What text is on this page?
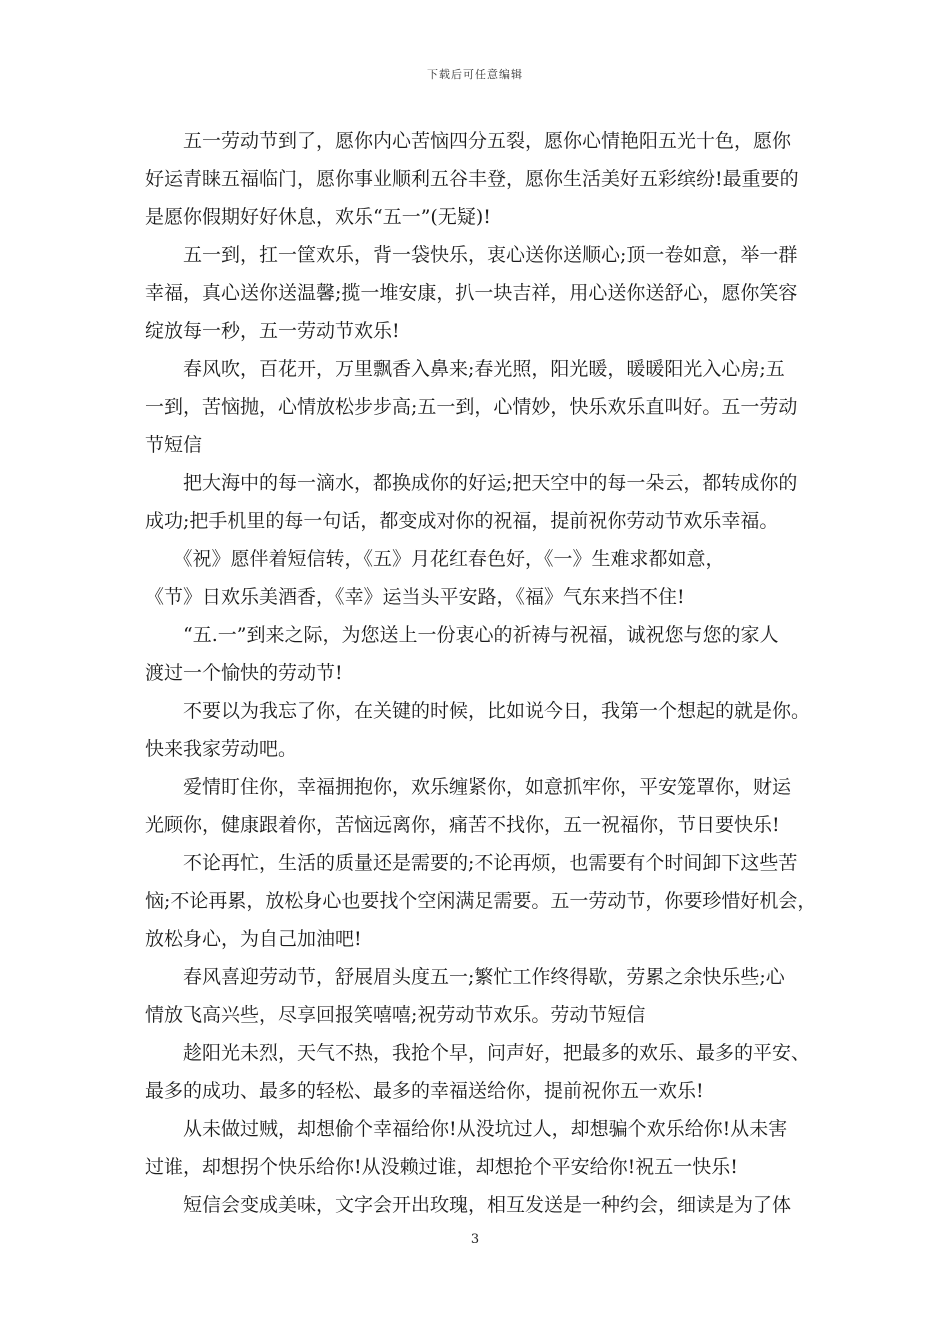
下载后可任意编辑

　　五一劳动节到了，愿你内心苦恼四分五裂，愿你心情艳阳五光十色，愿你
好运青睐五福临门，愿你事业顺利五谷丰登，愿你生活美好五彩缤纷!最重要的
是愿你假期好好休息，欢乐“五一”(无疑)!

　　五一到，扛一筐欢乐，背一袋快乐，衷心送你送顺心;顶一卷如意，举一群
幸福，真心送你送温馨;揽一堆安康，扒一块吉祥，用心送你送舒心，愿你笑容
绽放每一秒，五一劳动节欢乐!

　　春风吹，百花开，万里飘香入鼻来;春光照，阳光暖，暖暖阳光入心房;五
一到，苦恼抛，心情放松步步高;五一到，心情妙，快乐欢乐直叫好。五一劳动
节短信

　　把大海中的每一滴水，都换成你的好运;把天空中的每一朵云，都转成你的
成功;把手机里的每一句话，都变成对你的祝福，提前祝你劳动节欢乐幸福。

　　《祝》愿伴着短信转，《五》月花红春色好，《一》生难求都如意，
《节》日欢乐美酒香，《幸》运当头平安路，《福》气东来挡不住!

　　“五.一”到来之际，为您送上一份衷心的祈祷与祝福，诚祝您与您的家人
渡过一个愉快的劳动节!

　　不要以为我忘了你，在关键的时候，比如说今日，我第一个想起的就是你。
快来我家劳动吧。

　　爱情盯住你，幸福拥抱你，欢乐缠紧你，如意抓牢你，平安笼罩你，财运
光顾你，健康跟着你，苦恼远离你，痛苦不找你，五一祝福你，节日要快乐!

　　不论再忙，生活的质量还是需要的;不论再烦，也需要有个时间卸下这些苦
恼;不论再累，放松身心也要找个空闲满足需要。五一劳动节，你要珍惜好机会，
放松身心，为自己加油吧!

　　春风喜迎劳动节，舒展眉头度五一;繁忙工作终得歇，劳累之余快乐些;心
情放飞高兴些，尽享回报笑嘻嘻;祝劳动节欢乐。劳动节短信

　　趁阳光未烈，天气不热，我抢个早，问声好，把最多的欢乐、最多的平安、
最多的成功、最多的轻松、最多的幸福送给你，提前祝你五一欢乐!

　　从未做过贼，却想偷个幸福给你!从没坑过人，却想骗个欢乐给你!从未害
过谁，却想拐个快乐给你!从没赖过谁，却想抢个平安给你!祝五一快乐!

　　短信会变成美味，文字会开出玫瑰，相互发送是一种约会，细读是为了体

3
